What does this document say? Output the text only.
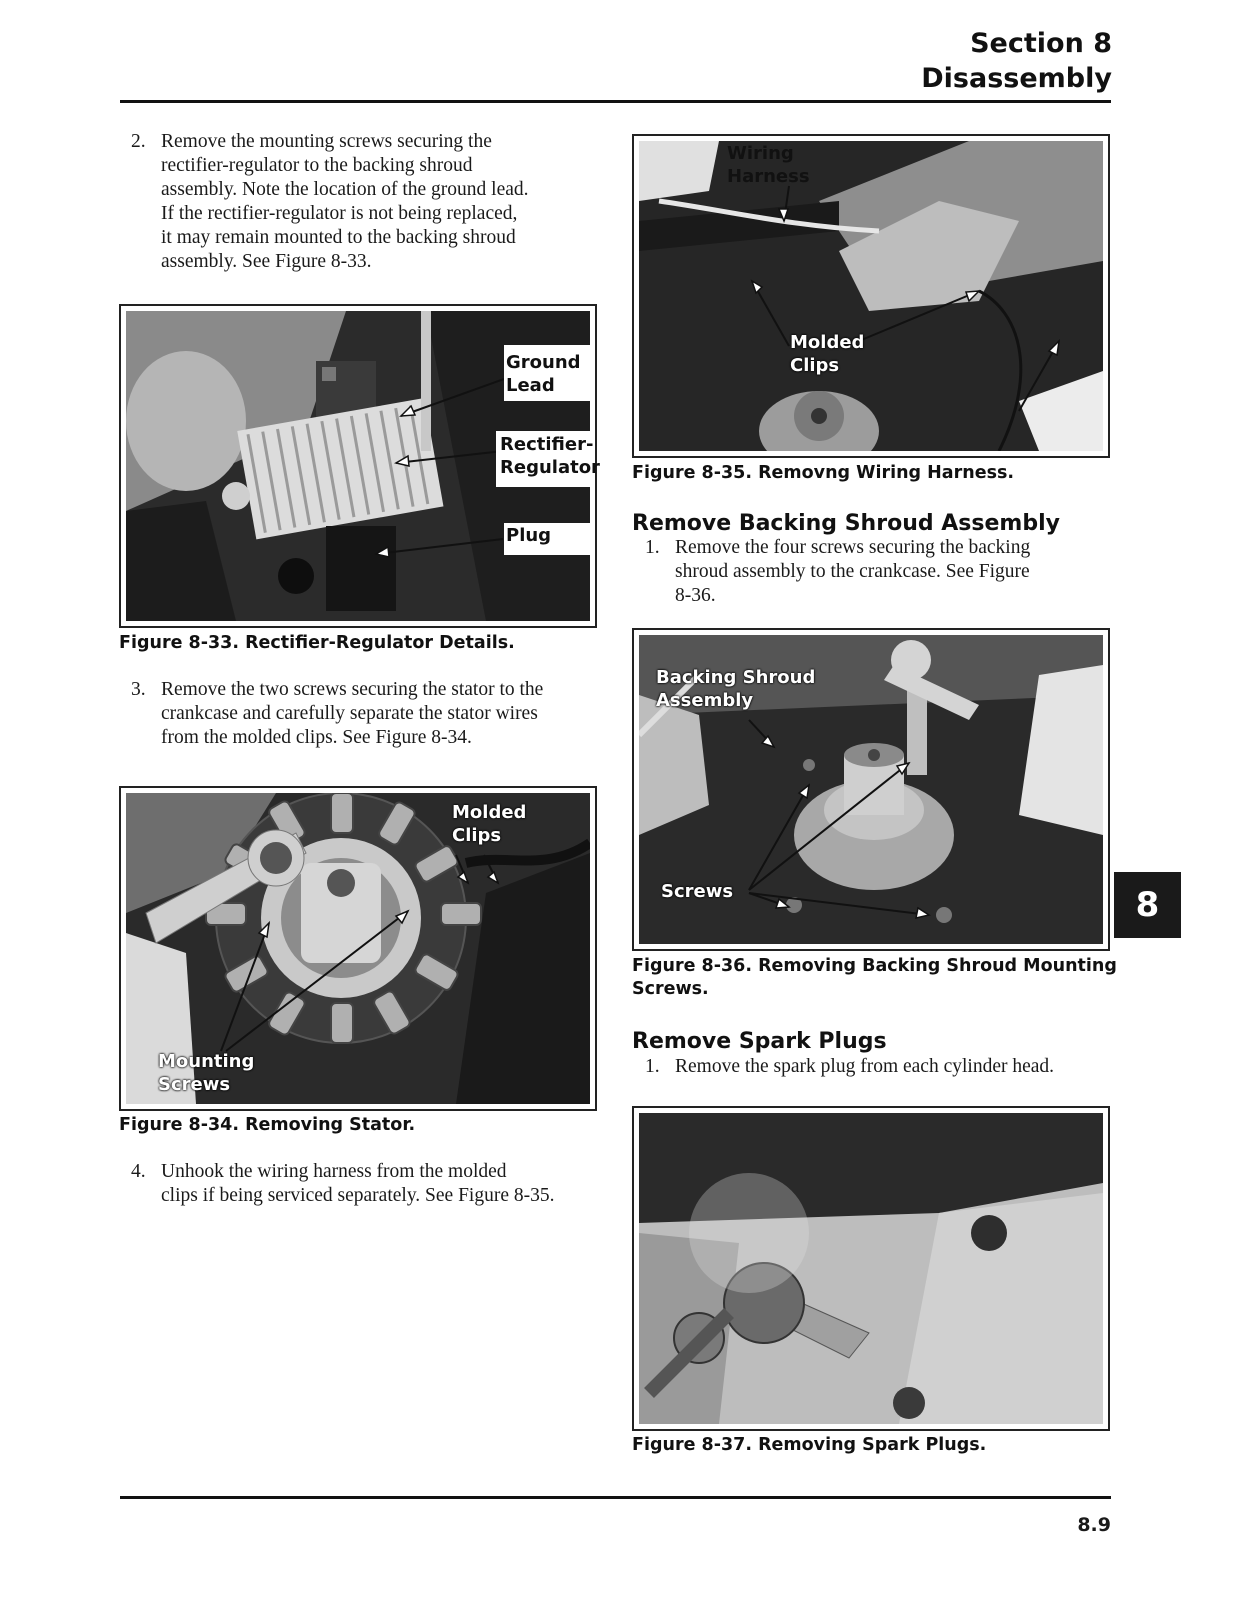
Section 8
Disassembly
2. Remove the mounting screws securing the
rectifier-regulator to the backing shroud
assembly. Note the location of the ground lead.
If the rectifier-regulator is not being replaced,
it may remain mounted to the backing shroud
assembly. See Figure 8-33.
Ground
Lead
Rectifier-
Regulator
Plug
Figure 8-33. Rectifier-Regulator Details.
3. Remove the two screws securing the stator to the
crankcase and carefully separate the stator wires
from the molded clips. See Figure 8-34.
Molded
Clips
Mounting
Screws
Figure 8-34. Removing Stator.
4. Unhook the wiring harness from the molded
clips if being serviced separately. See Figure 8-35.
Wiring
Harness
Molded
Clips
Figure 8-35. Removng Wiring Harness.
Remove Backing Shroud Assembly
1. Remove the four screws securing the backing
shroud assembly to the crankcase. See Figure
8-36.
Backing Shroud
Assembly
Screws
Figure 8-36. Removing Backing Shroud Mounting
Screws.
Remove Spark Plugs
1. Remove the spark plug from each cylinder head.
Figure 8-37. Removing Spark Plugs.
8
8.9
